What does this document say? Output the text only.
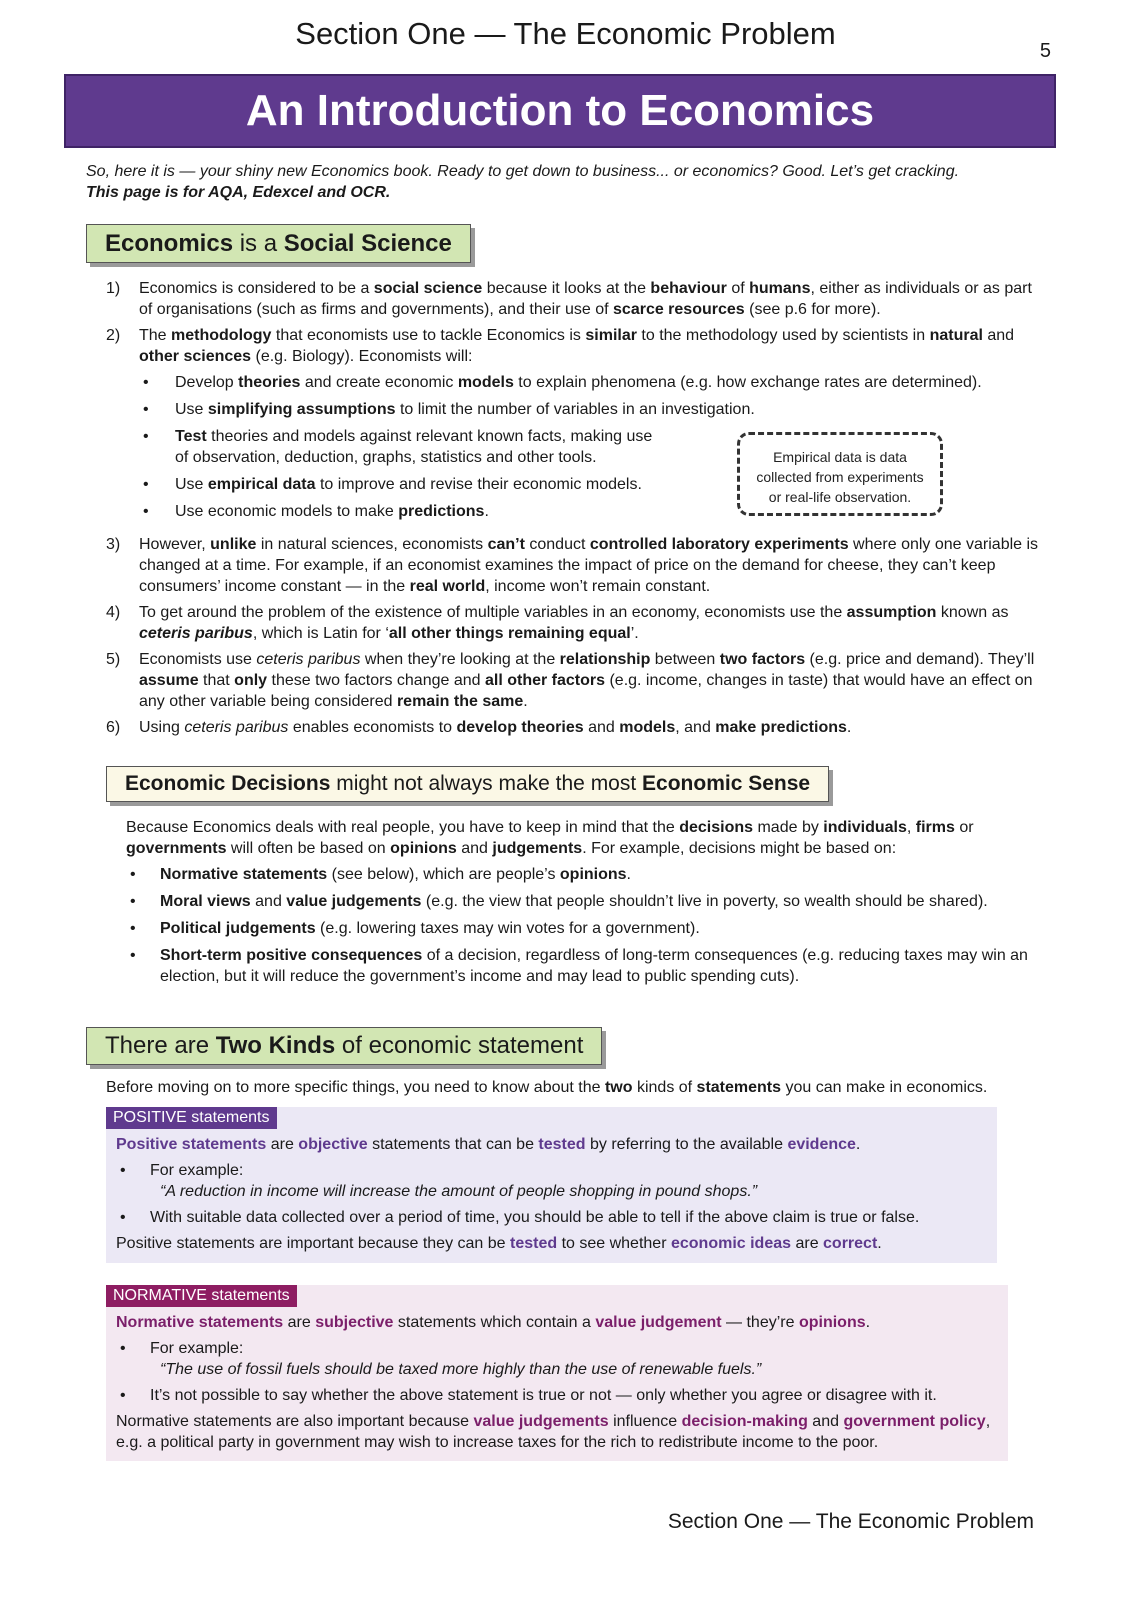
Section One — The Economic Problem	5
An Introduction to Economics
So, here it is — your shiny new Economics book. Ready to get down to business... or economics? Good. Let’s get cracking.
This page is for AQA, Edexcel and OCR.
Economics is a Social Science
1) Economics is considered to be a social science because it looks at the behaviour of humans, either as individuals or as part of organisations (such as firms and governments), and their use of scarce resources (see p.6 for more).
2) The methodology that economists use to tackle Economics is similar to the methodology used by scientists in natural and other sciences (e.g. Biology). Economists will:
• Develop theories and create economic models to explain phenomena (e.g. how exchange rates are determined).
• Use simplifying assumptions to limit the number of variables in an investigation.
• Test theories and models against relevant known facts, making use
of observation, deduction, graphs, statistics and other tools.
• Use empirical data to improve and revise their economic models.
• Use economic models to make predictions.
3) However, unlike in natural sciences, economists can’t conduct controlled laboratory experiments where only one variable is changed at a time. For example, if an economist examines the impact of price on the demand for cheese, they can’t keep consumers’ income constant — in the real world, income won’t remain constant.
4) To get around the problem of the existence of multiple variables in an economy, economists use the assumption known as ceteris paribus, which is Latin for ‘all other things remaining equal’.
5) Economists use ceteris paribus when they’re looking at the relationship between two factors (e.g. price and demand). They’ll assume that only these two factors change and all other factors (e.g. income, changes in taste) that would have an effect on any other variable being considered remain the same.
6) Using ceteris paribus enables economists to develop theories and models, and make predictions.
Empirical data is data
collected from experiments
or real-life observation.
Economic Decisions might not always make the most Economic Sense
Because Economics deals with real people, you have to keep in mind that the decisions made by individuals, firms or governments will often be based on opinions and judgements. For example, decisions might be based on:
• Normative statements (see below), which are people’s opinions.
• Moral views and value judgements (e.g. the view that people shouldn’t live in poverty, so wealth should be shared).
• Political judgements (e.g. lowering taxes may win votes for a government).
• Short-term positive consequences of a decision, regardless of long-term consequences (e.g. reducing taxes may win an election, but it will reduce the government’s income and may lead to public spending cuts).
There are Two Kinds of economic statement
Before moving on to more specific things, you need to know about the two kinds of statements you can make in economics.
POSITIVE statements
Positive statements are objective statements that can be tested by referring to the available evidence.
• For example:
“A reduction in income will increase the amount of people shopping in pound shops.”
• With suitable data collected over a period of time, you should be able to tell if the above claim is true or false.
Positive statements are important because they can be tested to see whether economic ideas are correct.
NORMATIVE statements
Normative statements are subjective statements which contain a value judgement — they’re opinions.
• For example:
“The use of fossil fuels should be taxed more highly than the use of renewable fuels.”
• It’s not possible to say whether the above statement is true or not — only whether you agree or disagree with it.
Normative statements are also important because value judgements influence decision-making and government policy, e.g. a political party in government may wish to increase taxes for the rich to redistribute income to the poor.
Section One — The Economic Problem
